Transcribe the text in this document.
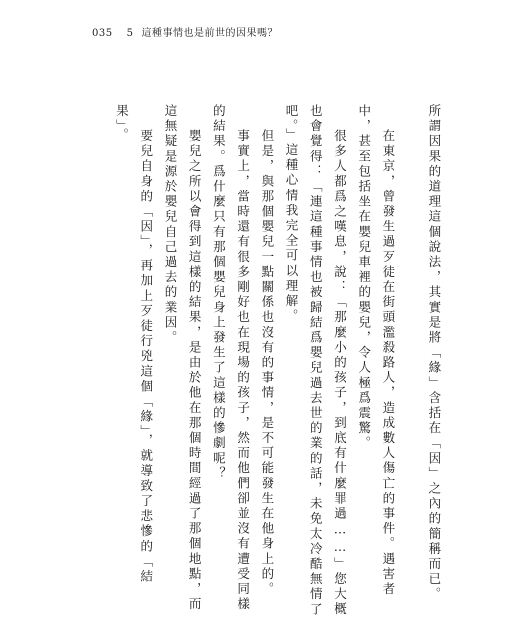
035 5 這種事情也是前世的因果嗎？
所謂因果的道理這個說法，其實是將「緣」含括在「因」之內的簡稱而已。
在東京，曾發生過歹徒在街頭濫殺路人，造成數人傷亡的事件。遇害者
中，甚至包括坐在嬰兒車裡的嬰兒，令人極爲震驚。
很多人都爲之嘆息，說：「那麼小的孩子，到底有什麼罪過……」您大概
也會覺得：「連這種事情也被歸結爲嬰兒過去世的業的話，未免太冷酷無情了
吧。」這種心情我完全可以理解。
但是，與那個嬰兒一點關係也沒有的事情，是不可能發生在他身上的。
事實上，當時還有很多剛好也在現場的孩子，然而他們卻並沒有遭受同樣
的結果。爲什麼只有那個嬰兒身上發生了這樣的慘劇呢？
嬰兒之所以會得到這樣的結果，是由於他在那個時間經過了那個地點，而
這無疑是源於嬰兒自己過去的業因。
要兒自身的「因」，再加上歹徒行兇這個「緣」，就導致了悲慘的「結
果」。
